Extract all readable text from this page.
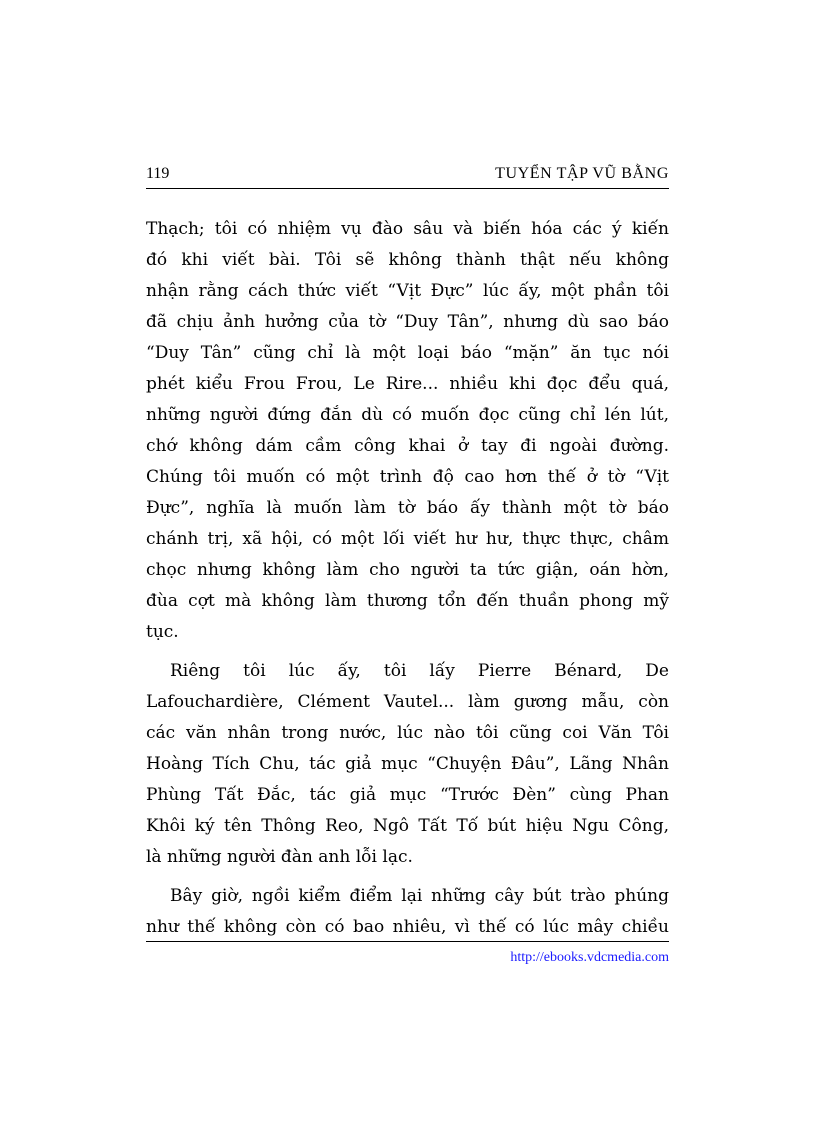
119	TUYỂN TẬP VŨ BẰNG
Thạch; tôi có nhiệm vụ đào sâu và biến hóa các ý kiến
đó khi viết bài. Tôi sẽ không thành thật nếu không
nhận rằng cách thức viết “Vịt Đực” lúc ấy, một phần tôi
đã chịu ảnh hưởng của tờ “Duy Tân”, nhưng dù sao báo
“Duy Tân” cũng chỉ là một loại báo “mặn” ăn tục nói
phét kiểu Frou Frou, Le Rire... nhiều khi đọc đểu quá,
những người đứng đắn dù có muốn đọc cũng chỉ lén lút,
chớ không dám cầm công khai ở tay đi ngoài đường.
Chúng tôi muốn có một trình độ cao hơn thế ở tờ “Vịt
Đực”, nghĩa là muốn làm tờ báo ấy thành một tờ báo
chánh trị, xã hội, có một lối viết hư hư, thực thực, châm
chọc nhưng không làm cho người ta tức giận, oán hờn,
đùa cợt mà không làm thương tổn đến thuần phong mỹ
tục.
Riêng tôi lúc ấy, tôi lấy Pierre Bénard, De
Lafouchardière, Clément Vautel... làm gương mẫu, còn
các văn nhân trong nước, lúc nào tôi cũng coi Văn Tôi
Hoàng Tích Chu, tác giả mục “Chuyện Đâu”, Lãng Nhân
Phùng Tất Đắc, tác giả mục “Trước Đèn” cùng Phan
Khôi ký tên Thông Reo, Ngô Tất Tố bút hiệu Ngu Công,
là những người đàn anh lỗi lạc.
Bây giờ, ngồi kiểm điểm lại những cây bút trào phúng
như thế không còn có bao nhiêu, vì thế có lúc mây chiều
http://ebooks.vdcmedia.com
